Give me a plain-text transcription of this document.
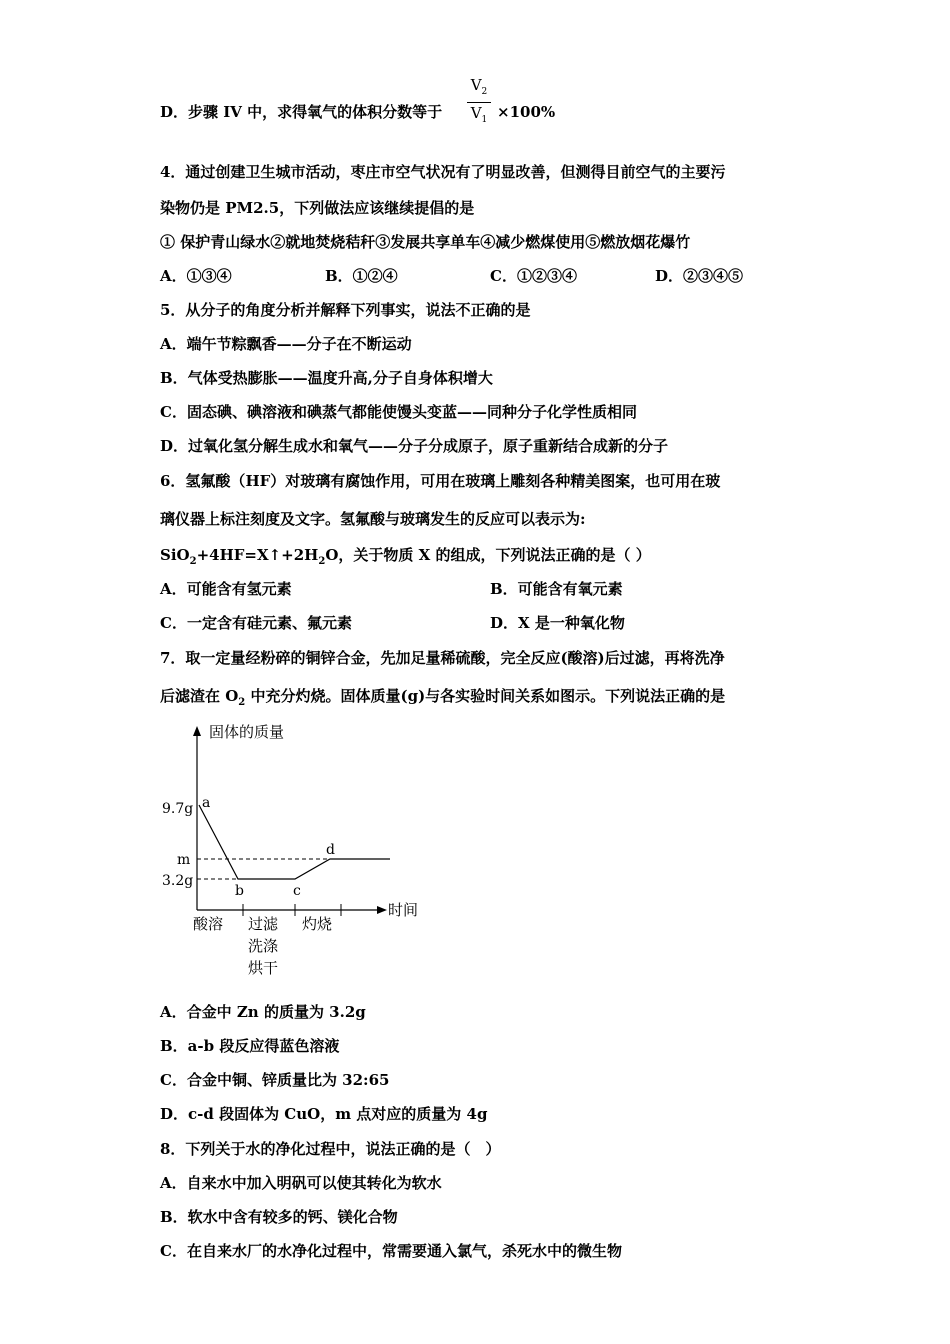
D．步骤 IV 中，求得氧气的体积分数等于
$V_2$
$V_1 \times 100\%$
4．通过创建卫生城市活动，枣庄市空气状况有了明显改善，但测得目前空气的主要污
染物仍是 PM2.5，下列做法应该继续提倡的是
① 保护青山绿水②就地焚烧秸秆③发展共享单车④减少燃煤使用⑤燃放烟花爆竹
A．①③④	B．①②④	C．①②③④	D．②③④⑤
5．从分子的角度分析并解释下列事实，说法不正确的是
A．端午节粽飘香——分子在不断运动
B．气体受热膨胀——温度升高,分子自身体积增大
C．固态碘、碘溶液和碘蒸气都能使馒头变蓝——同种分子化学性质相同
D．过氧化氢分解生成水和氧气——分子分成原子，原子重新结合成新的分子
6．氢氟酸（HF）对玻璃有腐蚀作用，可用在玻璃上雕刻各种精美图案，也可用在玻
璃仪器上标注刻度及文字。氢氟酸与玻璃发生的反应可以表示为:
$SiO_2+4HF=X↑+2H_2O$，关于物质 X 的组成，下列说法正确的是（ ）
A．可能含有氢元素	B．可能含有氧元素
C．一定含有硅元素、氟元素	D．X 是一种氧化物
7．取一定量经粉碎的铜锌合金，先加足量稀硫酸，完全反应(酸溶)后过滤，再将洗净
后滤渣在 $O_2$ 中充分灼烧。固体质量(g)与各实验时间关系如图示。下列说法正确的是
固体的质量
时间
9.7g
m
3.2g
a
b	c
d
酸溶 过滤
洗涤
烘干
灼烧
A．合金中 Zn 的质量为 3.2g
B．a-b 段反应得蓝色溶液
C．合金中铜、锌质量比为 32:65
D．c-d 段固体为 CuO，m 点对应的质量为 4g
8．下列关于水的净化过程中，说法正确的是（　）
A．自来水中加入明矾可以使其转化为软水
B．软水中含有较多的钙、镁化合物
C．在自来水厂的水净化过程中，常需要通入氯气，杀死水中的微生物
